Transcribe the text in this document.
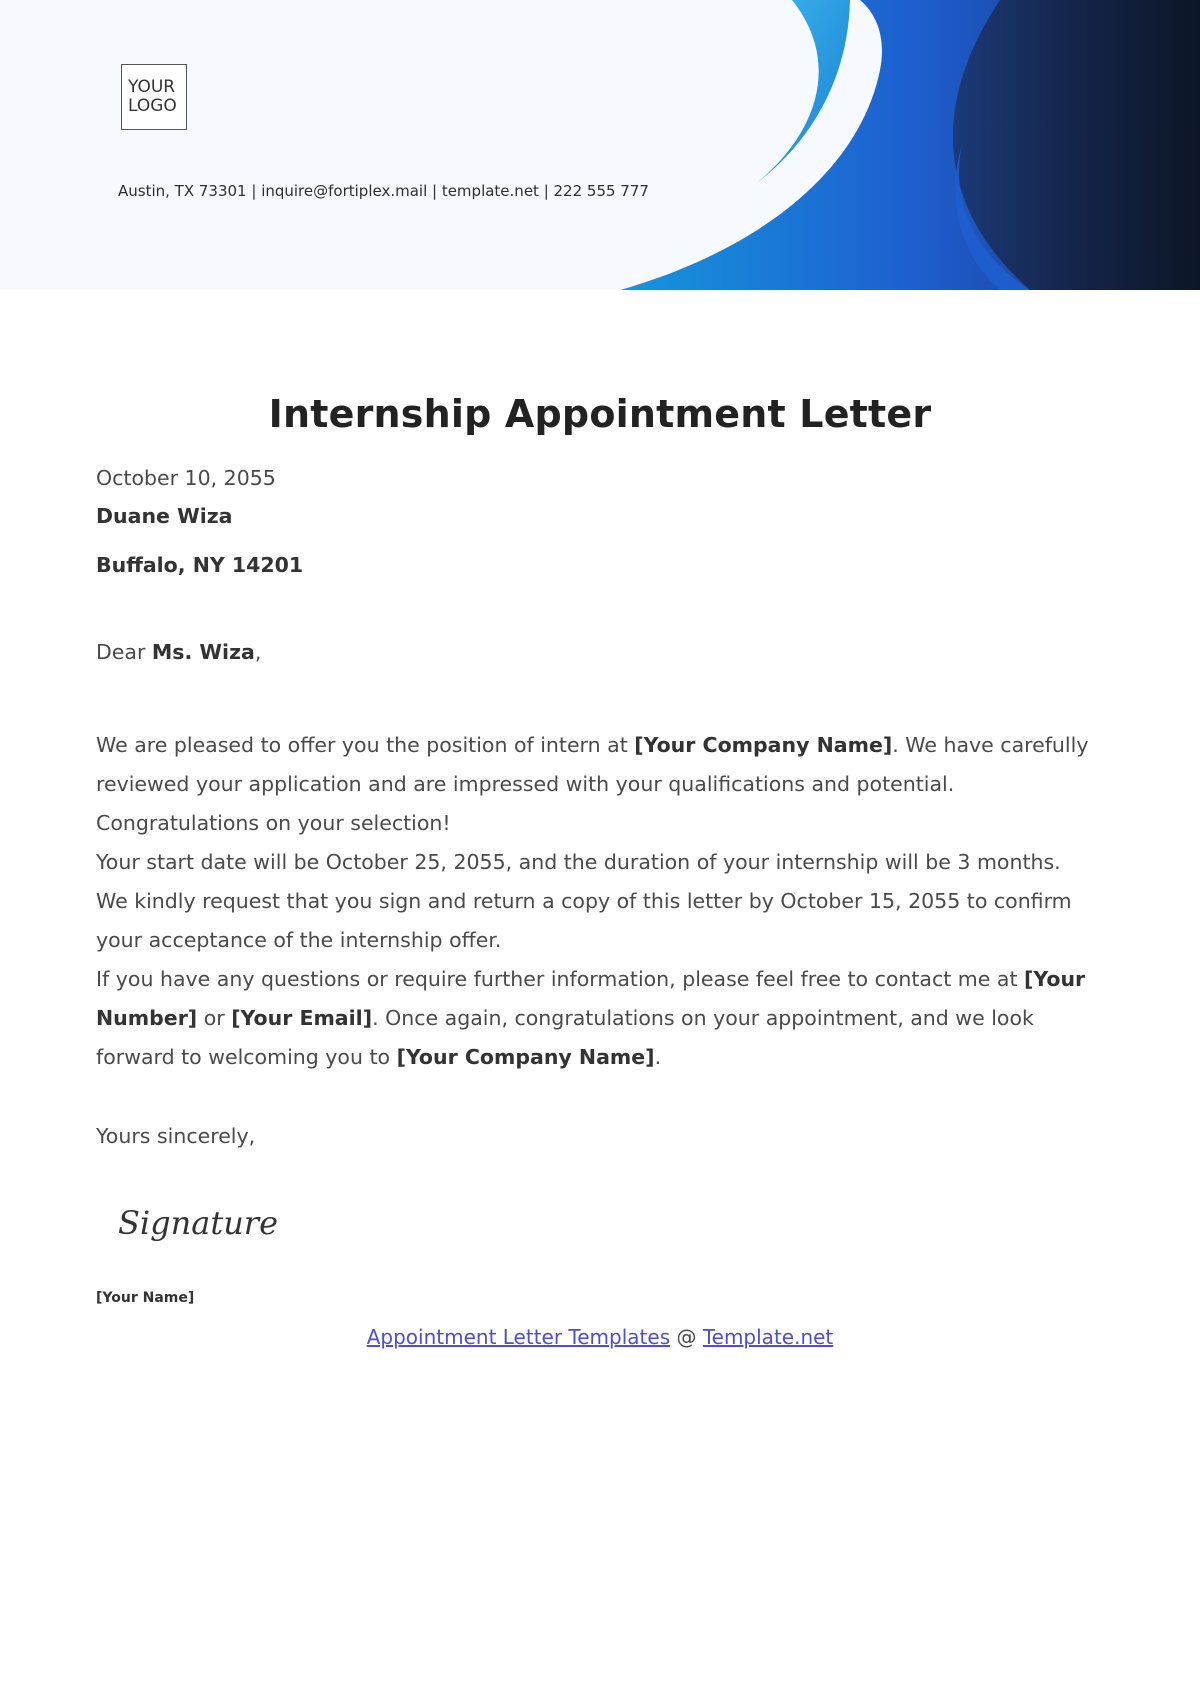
YOUR
LOGO
Austin, TX 73301 | inquire@fortiplex.mail | template.net | 222 555 777
Internship Appointment Letter
October 10, 2055
Duane Wiza
Buffalo, NY 14201
Dear Ms. Wiza,

We are pleased to offer you the position of intern at [Your Company Name]. We have carefully reviewed your application and are impressed with your qualifications and potential. Congratulations on your selection!

Your start date will be October 25, 2055, and the duration of your internship will be 3 months. We kindly request that you sign and return a copy of this letter by October 15, 2055 to confirm your acceptance of the internship offer.

If you have any questions or require further information, please feel free to contact me at [Your Number] or [Your Email]. Once again, congratulations on your appointment, and we look forward to welcoming you to [Your Company Name].

Yours sincerely,
Signature
[Your Name]
Appointment Letter Templates @ Template.net
